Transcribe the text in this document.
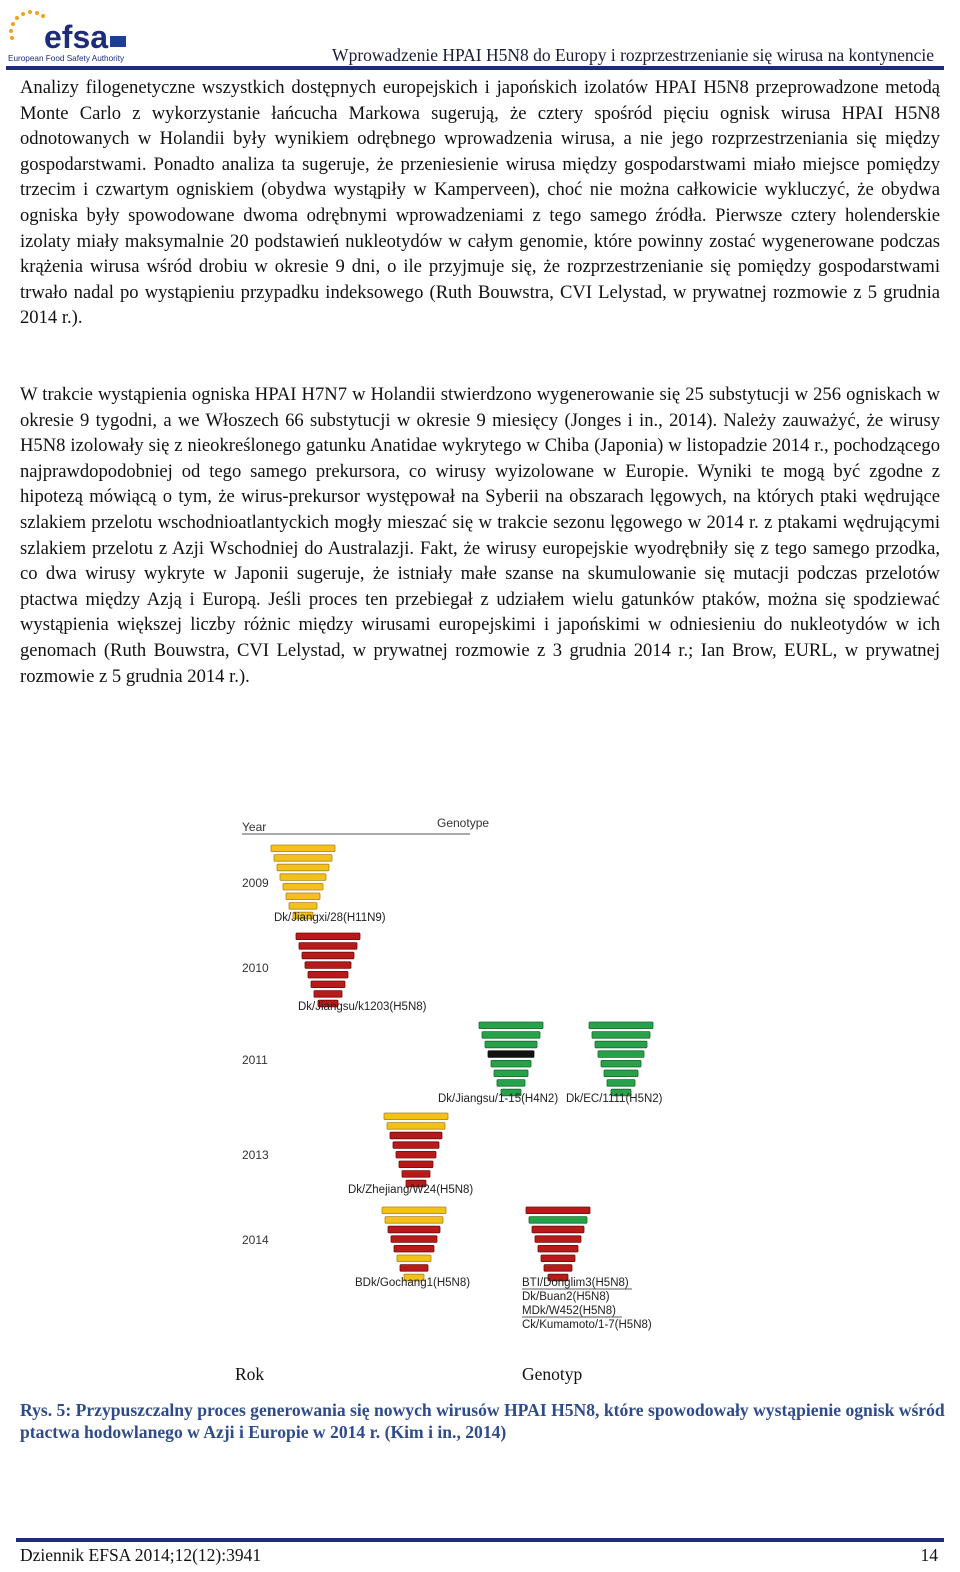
efsa
European Food Safety Authority	Wprowadzenie HPAI H5N8 do Europy i rozprzestrzenianie się wirusa na kontynencie

Analizy filogenetyczne wszystkich dostępnych europejskich i japońskich izolatów HPAI H5N8 przeprowadzone metodą Monte Carlo z wykorzystanie łańcucha Markowa sugerują, że cztery spośród pięciu ognisk wirusa HPAI H5N8 odnotowanych w Holandii były wynikiem odrębnego wprowadzenia wirusa, a nie jego rozprzestrzeniania się między gospodarstwami. Ponadto analiza ta sugeruje, że przeniesienie wirusa między gospodarstwami miało miejsce pomiędzy trzecim i czwartym ogniskiem (obydwa wystąpiły w Kamperveen), choć nie można całkowicie wykluczyć, że obydwa ogniska były spowodowane dwoma odrębnymi wprowadzeniami z tego samego źródła. Pierwsze cztery holenderskie izolaty miały maksymalnie 20 podstawień nukleotydów w całym genomie, które powinny zostać wygenerowane podczas krążenia wirusa wśród drobiu w okresie 9 dni, o ile przyjmuje się, że rozprzestrzenianie się pomiędzy gospodarstwami trwało nadal po wystąpieniu przypadku indeksowego (Ruth Bouwstra, CVI Lelystad, w prywatnej rozmowie z 5 grudnia 2014 r.).

W trakcie wystąpienia ogniska HPAI H7N7 w Holandii stwierdzono wygenerowanie się 25 substytucji w 256 ogniskach w okresie 9 tygodni, a we Włoszech 66 substytucji w okresie 9 miesięcy (Jonges i in., 2014). Należy zauważyć, że wirusy H5N8 izolowały się z nieokreślonego gatunku Anatidae wykrytego w Chiba (Japonia) w listopadzie 2014 r., pochodzącego najprawdopodobniej od tego samego prekursora, co wirusy wyizolowane w Europie. Wyniki te mogą być zgodne z hipotezą mówiącą o tym, że wirus-prekursor występował na Syberii na obszarach lęgowych, na których ptaki wędrujące szlakiem przelotu wschodnioatlantyckich mogły mieszać się w trakcie sezonu lęgowego w 2014 r. z ptakami wędrującymi szlakiem przelotu z Azji Wschodniej do Australazji. Fakt, że wirusy europejskie wyodrębniły się z tego samego przodka, co dwa wirusy wykryte w Japonii sugeruje, że istniały małe szanse na skumulowanie się mutacji podczas przelotów ptactwa między Azją i Europą. Jeśli proces ten przebiegał z udziałem wielu gatunków ptaków, można się spodziewać wystąpienia większej liczby różnic między wirusami europejskimi i japońskimi w odniesieniu do nukleotydów w ich genomach (Ruth Bouwstra, CVI Lelystad, w prywatnej rozmowie z 3 grudnia 2014 r.; Ian Brow, EURL, w prywatnej rozmowie z 5 grudnia 2014 r.).

Year	Genotype
2009
2010
2011
2013
2014
Dk/Jiangxi/28(H11N9)
Dk/Jiangsu/k1203(H5N8)
Dk/Jiangsu/1-15(H4N2) Dk/EC/1111(H5N2)
Dk/Zhejiang/W24(H5N8)
BDk/Gochang1(H5N8)	BTI/Donglim3(H5N8)
Dk/Buan2(H5N8)
MDk/W452(H5N8)
Ck/Kumamoto/1-7(H5N8)
Rok	Genotyp

Rys. 5: Przypuszczalny proces generowania się nowych wirusów HPAI H5N8, które spowodowały wystąpienie ognisk wśród ptactwa hodowlanego w Azji i Europie w 2014 r. (Kim i in., 2014)

Dziennik EFSA 2014;12(12):3941	14
